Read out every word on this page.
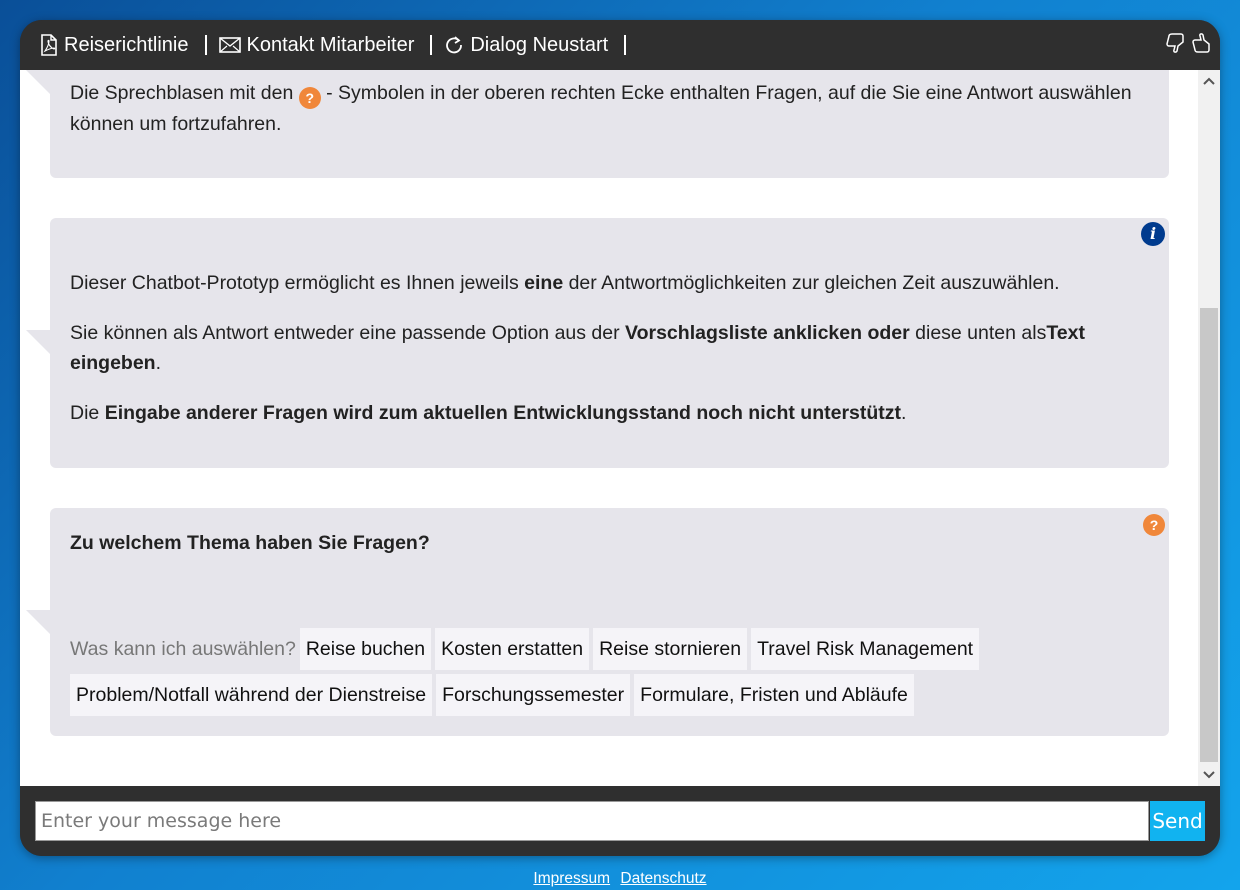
Reiserichtlinie	Kontakt Mitarbeiter	Dialog Neustart
Die Sprechblasen mit den ? - Symbolen in der oberen rechten Ecke enthalten Fragen, auf die Sie eine Antwort auswählen können um fortzufahren.
i

Dieser Chatbot-Prototyp ermöglicht es Ihnen jeweils eine der Antwortmöglichkeiten zur gleichen Zeit auszuwählen.

Sie können als Antwort entweder eine passende Option aus der Vorschlagsliste anklicken oder diese unten alsText eingeben.

Die Eingabe anderer Fragen wird zum aktuellen Entwicklungsstand noch nicht unterstützt.

?

Zu welchem Thema haben Sie Fragen?

Was kann ich auswählen? Reise buchen Kosten erstatten Reise stornieren Travel Risk Management
Problem/Notfall während der Dienstreise Forschungssemester Formulare, Fristen und Abläufe
Enter your message here
Send
Impressum Datenschutz
